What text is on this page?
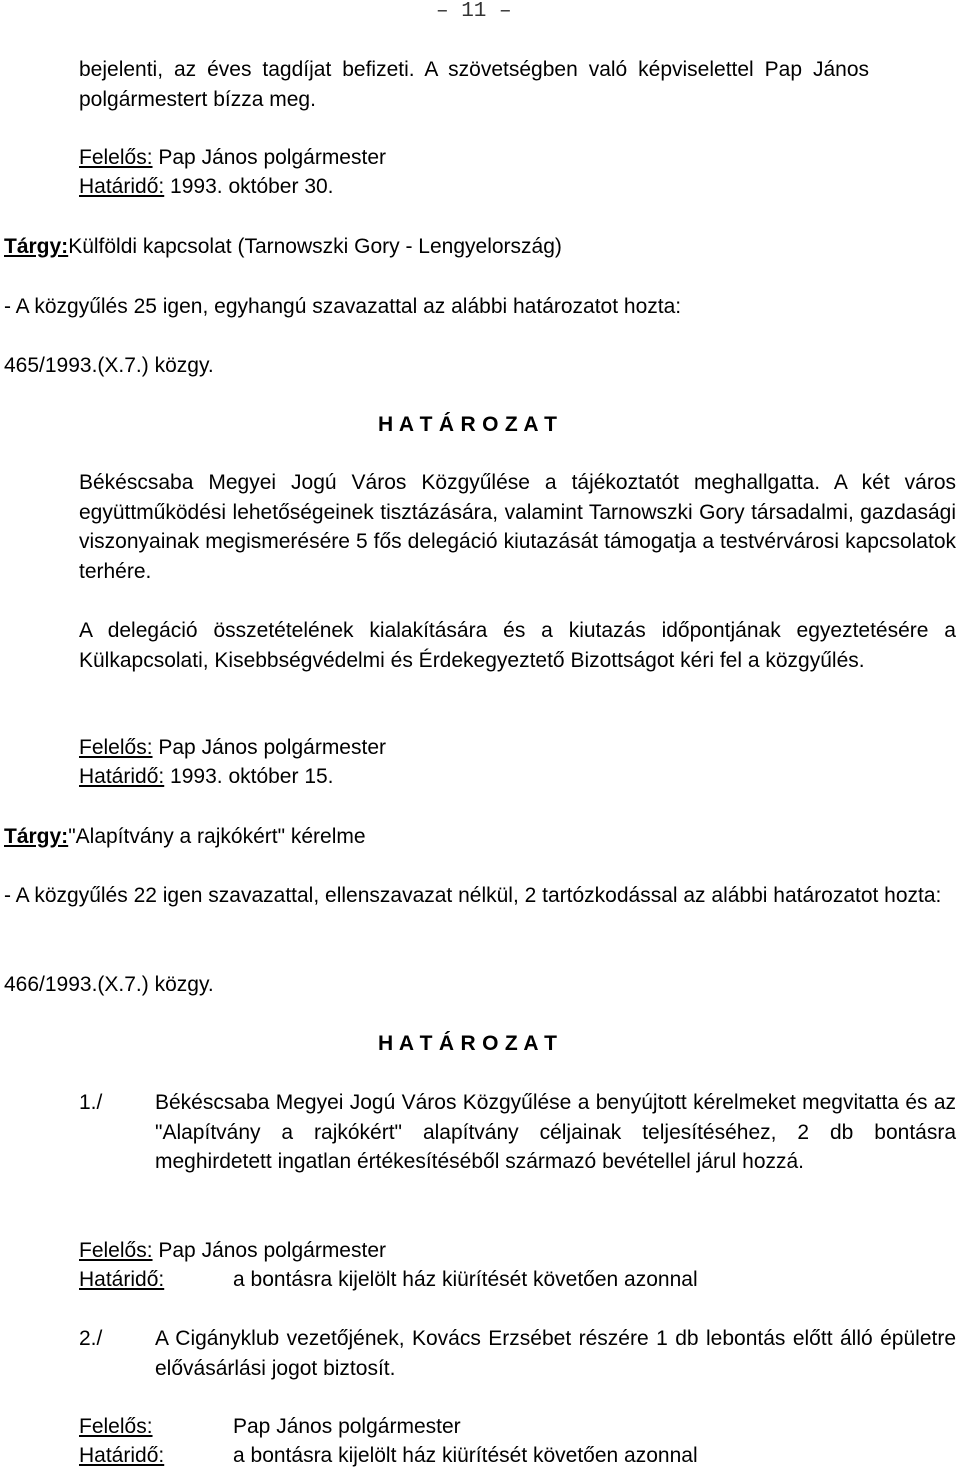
– 11 –
bejelenti, az éves tagdíjat befizeti. A szövetségben való képviselettel Pap János polgármestert bízza meg.
Felelős: Pap János polgármester
Határidő: 1993. október 30.
Tárgy:Külföldi kapcsolat (Tarnowszki Gory - Lengyelország)
- A közgyűlés 25 igen, egyhangú szavazattal az alábbi határozatot hozta:
465/1993.(X.7.) közgy.
H A T Á R O Z A T
Békéscsaba Megyei Jogú Város Közgyűlése a tájékoztatót meghallgatta. A két város együttműködési lehetőségeinek tisztázására, valamint Tarnowszki Gory társadalmi, gazdasági viszonyainak megismerésére 5 fős delegáció kiutazását támogatja a testvérvárosi kapcsolatok terhére.
A delegáció összetételének kialakítására és a kiutazás időpontjának egyeztetésére a Külkapcsolati, Kisebbségvédelmi és Érdekegyeztető Bizottságot kéri fel a közgyűlés.
Felelős: Pap János polgármester
Határidő: 1993. október 15.
Tárgy:"Alapítvány a rajkókért" kérelme
- A közgyűlés 22 igen szavazattal, ellenszavazat nélkül, 2 tartózkodással az alábbi határozatot hozta:
466/1993.(X.7.) közgy.
H A T Á R O Z A T
1./	Békéscsaba Megyei Jogú Város Közgyűlése a benyújtott kérelmeket megvitatta és az "Alapítvány a rajkókért" alapítvány céljainak teljesítéséhez, 2 db bontásra meghirdetett ingatlan értékesítéséből származó bevétellel járul hozzá.
Felelős: Pap János polgármester
Határidő:	a bontásra kijelölt ház kiürítését követően azonnal
2./	A Cigányklub vezetőjének, Kovács Erzsébet részére 1 db lebontás előtt álló épületre elővásárlási jogot biztosít.
Felelős:	Pap János polgármester
Határidő:	a bontásra kijelölt ház kiürítését követően azonnal
